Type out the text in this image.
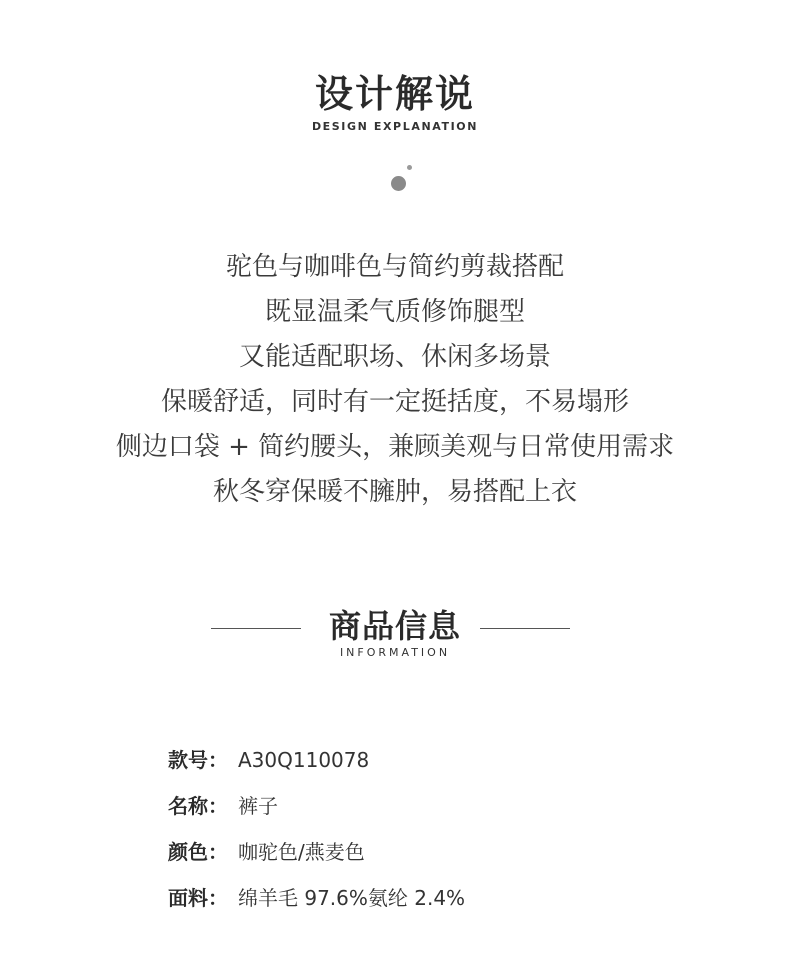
设计解说
DESIGN EXPLANATION
驼色与咖啡色与简约剪裁搭配
既显温柔气质修饰腿型
又能适配职场、休闲多场景
保暖舒适，同时有一定挺括度，不易塌形
侧边口袋 + 简约腰头，兼顾美观与日常使用需求
秋冬穿保暖不臃肿，易搭配上衣
商品信息
INFORMATION
款号： A30Q110078
名称： 裤子
颜色： 咖驼色/燕麦色
面料： 绵羊毛 97.6%氨纶 2.4%
